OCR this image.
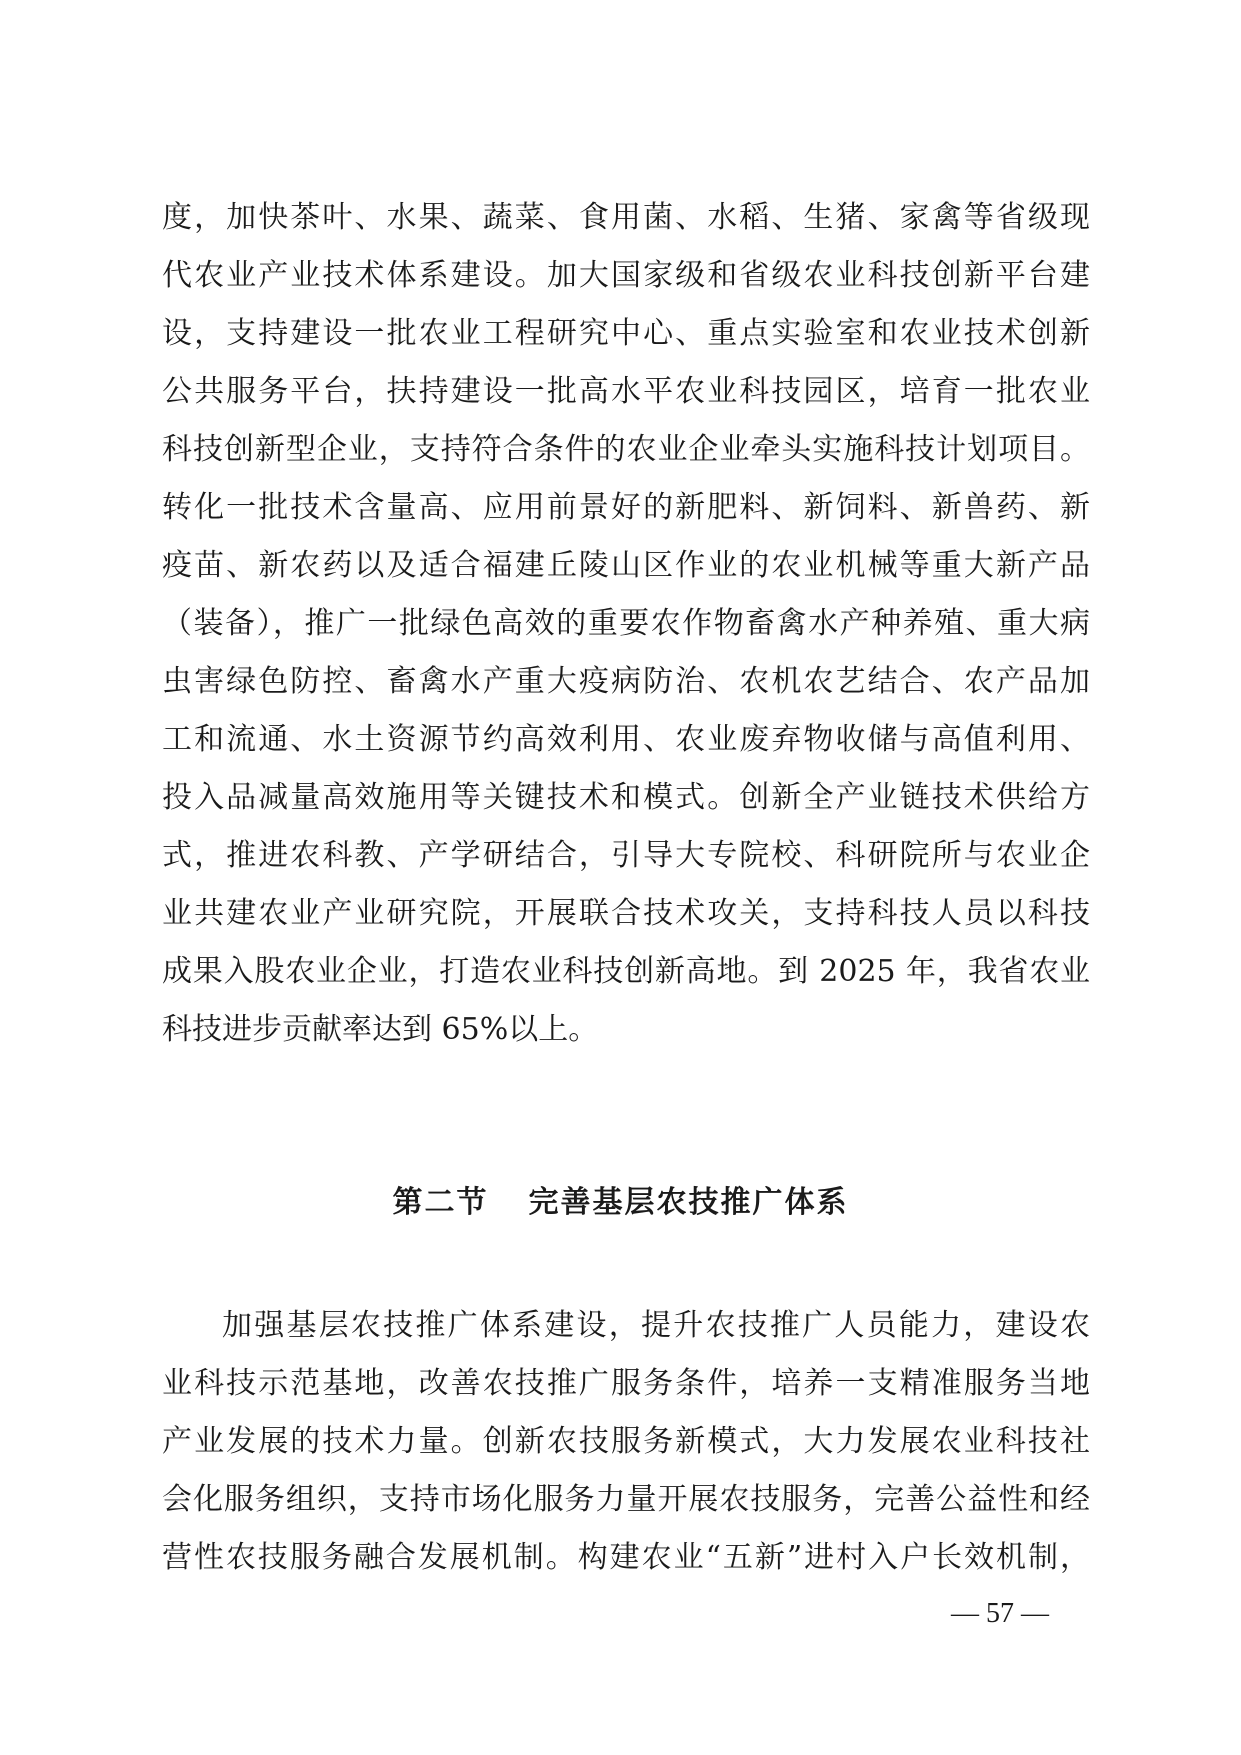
度，加快茶叶、水果、蔬菜、食用菌、水稻、生猪、家禽等省级现
代农业产业技术体系建设。加大国家级和省级农业科技创新平台建
设，支持建设一批农业工程研究中心、重点实验室和农业技术创新
公共服务平台，扶持建设一批高水平农业科技园区，培育一批农业
科技创新型企业，支持符合条件的农业企业牵头实施科技计划项目。
转化一批技术含量高、应用前景好的新肥料、新饲料、新兽药、新
疫苗、新农药以及适合福建丘陵山区作业的农业机械等重大新产品
（装备），推广一批绿色高效的重要农作物畜禽水产种养殖、重大病
虫害绿色防控、畜禽水产重大疫病防治、农机农艺结合、农产品加
工和流通、水土资源节约高效利用、农业废弃物收储与高值利用、
投入品减量高效施用等关键技术和模式。创新全产业链技术供给方
式，推进农科教、产学研结合，引导大专院校、科研院所与农业企
业共建农业产业研究院，开展联合技术攻关，支持科技人员以科技
成果入股农业企业，打造农业科技创新高地。到 2025 年，我省农业
科技进步贡献率达到 65%以上。
第二节 完善基层农技推广体系
加强基层农技推广体系建设，提升农技推广人员能力，建设农
业科技示范基地，改善农技推广服务条件，培养一支精准服务当地
产业发展的技术力量。创新农技服务新模式，大力发展农业科技社
会化服务组织，支持市场化服务力量开展农技服务，完善公益性和经
营性农技服务融合发展机制。构建农业“五新”进村入户长效机制，
— 57 —
